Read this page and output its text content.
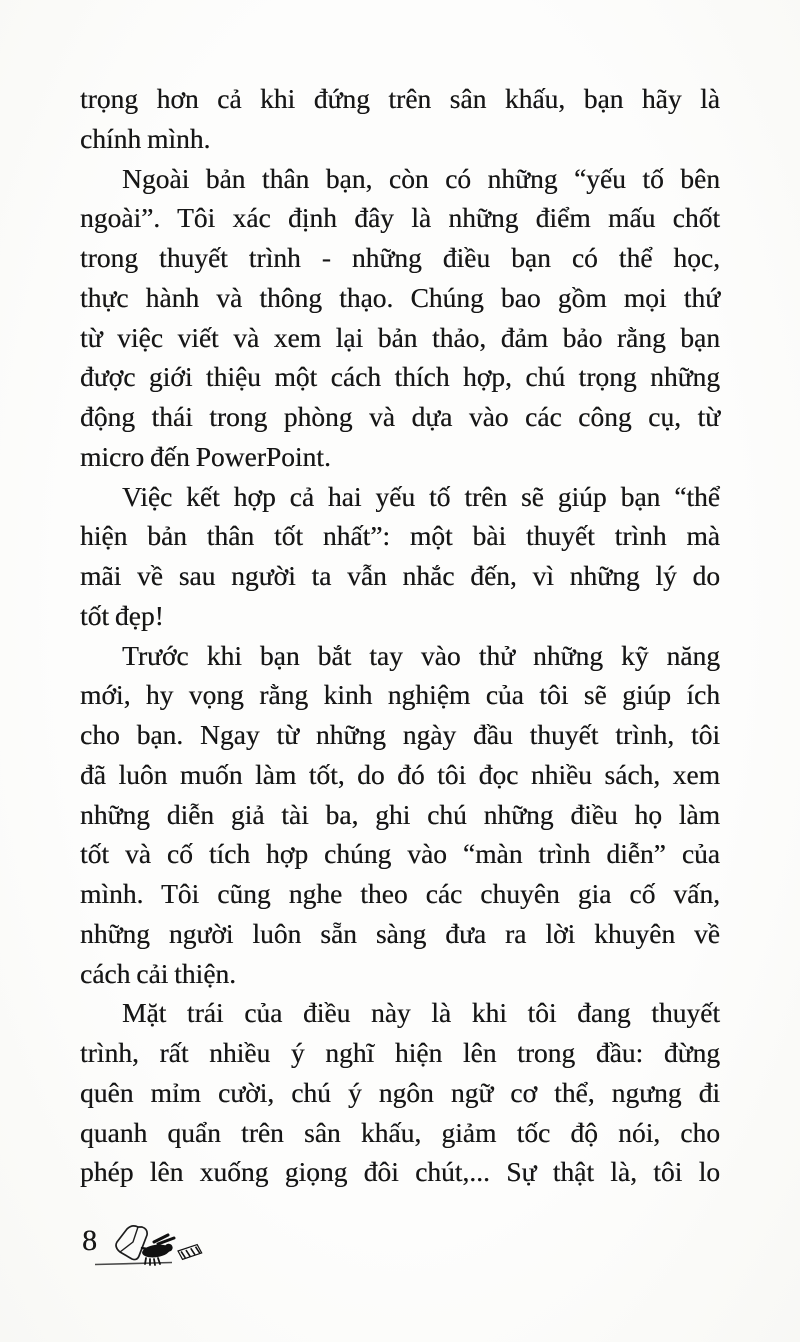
trọng hơn cả khi đứng trên sân khấu, bạn hãy là
chính mình.
Ngoài bản thân bạn, còn có những “yếu tố bên
ngoài”. Tôi xác định đây là những điểm mấu chốt
trong thuyết trình - những điều bạn có thể học,
thực hành và thông thạo. Chúng bao gồm mọi thứ
từ việc viết và xem lại bản thảo, đảm bảo rằng bạn
được giới thiệu một cách thích hợp, chú trọng những
động thái trong phòng và dựa vào các công cụ, từ
micro đến PowerPoint.
Việc kết hợp cả hai yếu tố trên sẽ giúp bạn “thể
hiện bản thân tốt nhất”: một bài thuyết trình mà
mãi về sau người ta vẫn nhắc đến, vì những lý do
tốt đẹp!
Trước khi bạn bắt tay vào thử những kỹ năng
mới, hy vọng rằng kinh nghiệm của tôi sẽ giúp ích
cho bạn. Ngay từ những ngày đầu thuyết trình, tôi
đã luôn muốn làm tốt, do đó tôi đọc nhiều sách, xem
những diễn giả tài ba, ghi chú những điều họ làm
tốt và cố tích hợp chúng vào “màn trình diễn” của
mình. Tôi cũng nghe theo các chuyên gia cố vấn,
những người luôn sẵn sàng đưa ra lời khuyên về
cách cải thiện.
Mặt trái của điều này là khi tôi đang thuyết
trình, rất nhiều ý nghĩ hiện lên trong đầu: đừng
quên mỉm cười, chú ý ngôn ngữ cơ thể, ngưng đi
quanh quẩn trên sân khấu, giảm tốc độ nói, cho
phép lên xuống giọng đôi chút,... Sự thật là, tôi lo
8
